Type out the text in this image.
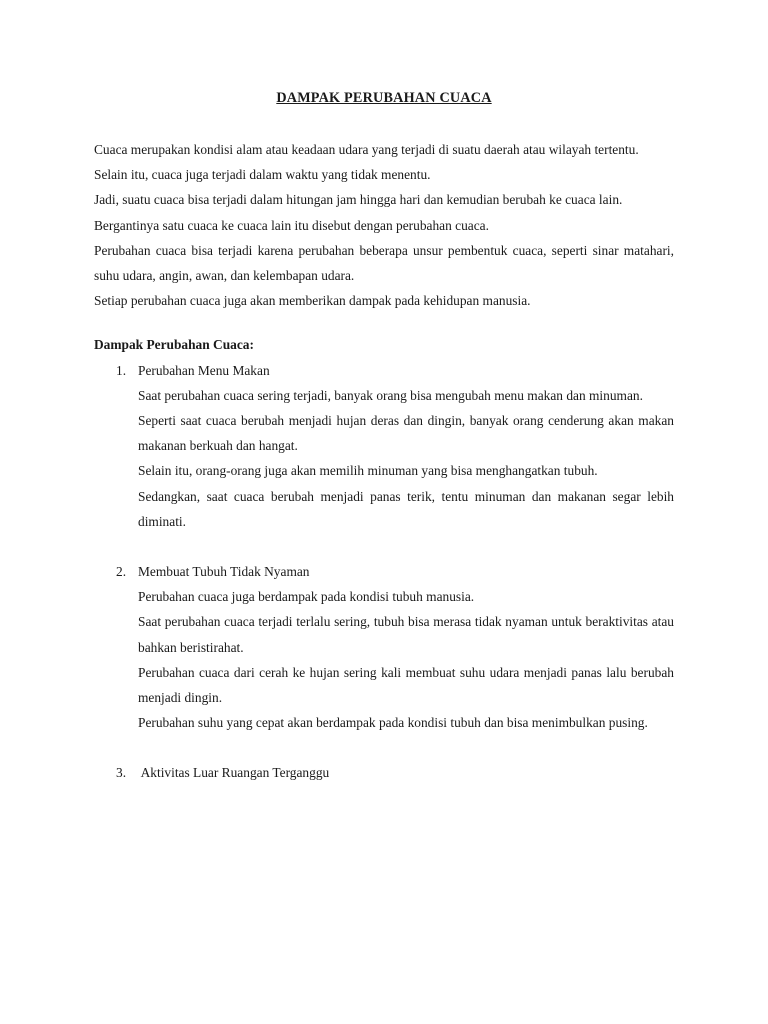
DAMPAK PERUBAHAN CUACA

Cuaca merupakan kondisi alam atau keadaan udara yang terjadi di suatu daerah atau wilayah tertentu.

Selain itu, cuaca juga terjadi dalam waktu yang tidak menentu.

Jadi, suatu cuaca bisa terjadi dalam hitungan jam hingga hari dan kemudian berubah ke cuaca lain.

Bergantinya satu cuaca ke cuaca lain itu disebut dengan perubahan cuaca.

Perubahan cuaca bisa terjadi karena perubahan beberapa unsur pembentuk cuaca, seperti sinar matahari, suhu udara, angin, awan, dan kelembapan udara.

Setiap perubahan cuaca juga akan memberikan dampak pada kehidupan manusia.

Dampak Perubahan Cuaca:

1. Perubahan Menu Makan

Saat perubahan cuaca sering terjadi, banyak orang bisa mengubah menu makan dan minuman.

Seperti saat cuaca berubah menjadi hujan deras dan dingin, banyak orang cenderung akan makan makanan berkuah dan hangat.

Selain itu, orang-orang juga akan memilih minuman yang bisa menghangatkan tubuh.

Sedangkan, saat cuaca berubah menjadi panas terik, tentu minuman dan makanan segar lebih diminati.

2. Membuat Tubuh Tidak Nyaman

Perubahan cuaca juga berdampak pada kondisi tubuh manusia.

Saat perubahan cuaca terjadi terlalu sering, tubuh bisa merasa tidak nyaman untuk beraktivitas atau bahkan beristirahat.

Perubahan cuaca dari cerah ke hujan sering kali membuat suhu udara menjadi panas lalu berubah menjadi dingin.

Perubahan suhu yang cepat akan berdampak pada kondisi tubuh dan bisa menimbulkan pusing.

3. Aktivitas Luar Ruangan Terganggu
